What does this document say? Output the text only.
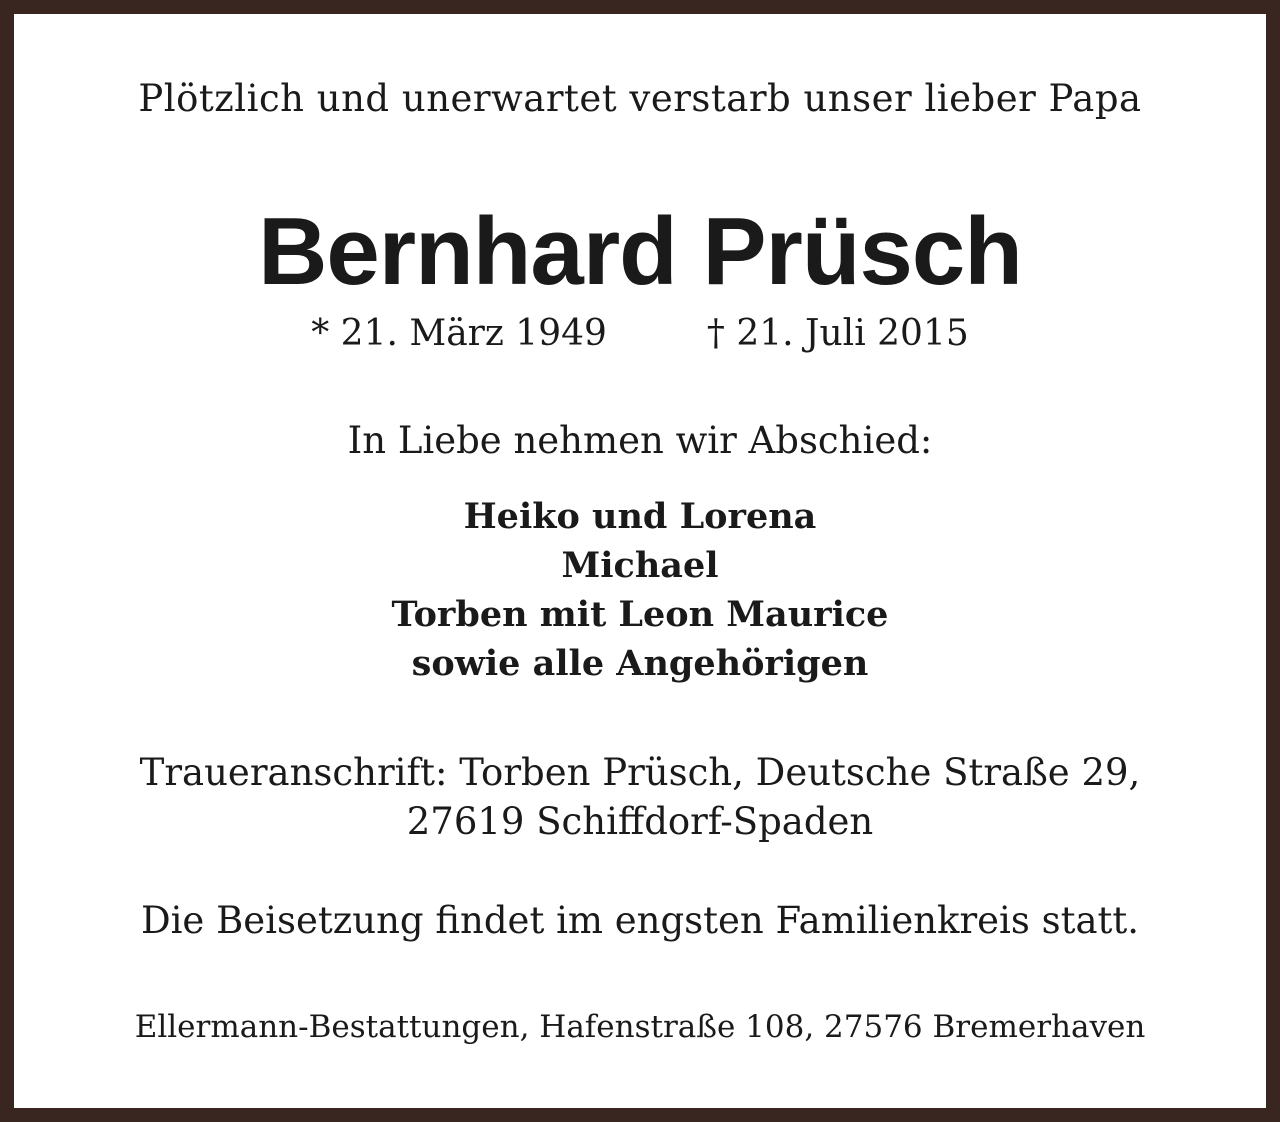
Plötzlich und unerwartet verstarb unser lieber Papa
Bernhard Prüsch
* 21. März 1949	† 21. Juli 2015
In Liebe nehmen wir Abschied:
Heiko und Lorena
Michael
Torben mit Leon Maurice
sowie alle Angehörigen
Traueranschrift: Torben Prüsch, Deutsche Straße 29,
27619 Schiffdorf-Spaden
Die Beisetzung findet im engsten Familienkreis statt.
Ellermann-Bestattungen, Hafenstraße 108, 27576 Bremerhaven
